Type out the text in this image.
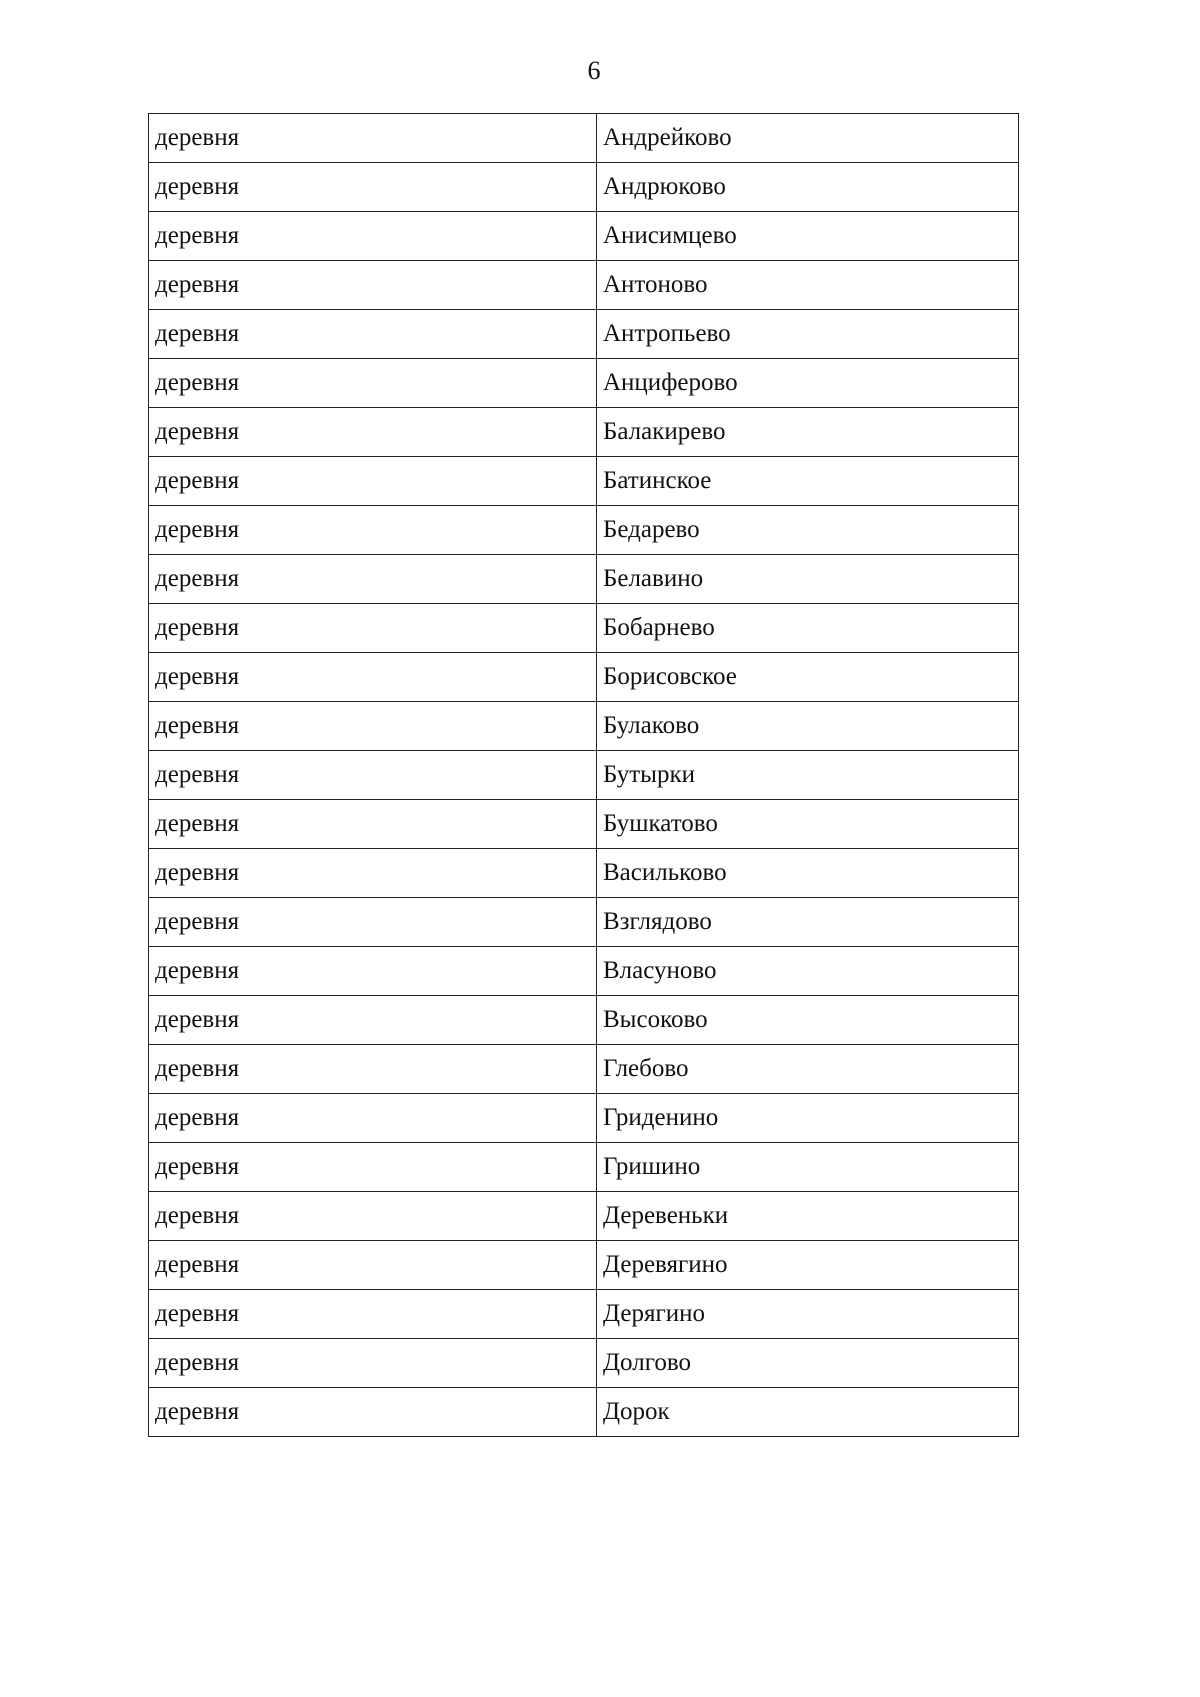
6
деревня	Андрейково
деревня	Андрюково
деревня	Анисимцево
деревня	Антоново
деревня	Антропьево
деревня	Анциферово
деревня	Балакирево
деревня	Батинское
деревня	Бедарево
деревня	Белавино
деревня	Бобарнево
деревня	Борисовское
деревня	Булаково
деревня	Бутырки
деревня	Бушкатово
деревня	Васильково
деревня	Взглядово
деревня	Власуново
деревня	Высоково
деревня	Глебово
деревня	Гриденино
деревня	Гришино
деревня	Деревеньки
деревня	Деревягино
деревня	Дерягино
деревня	Долгово
деревня	Дорок
